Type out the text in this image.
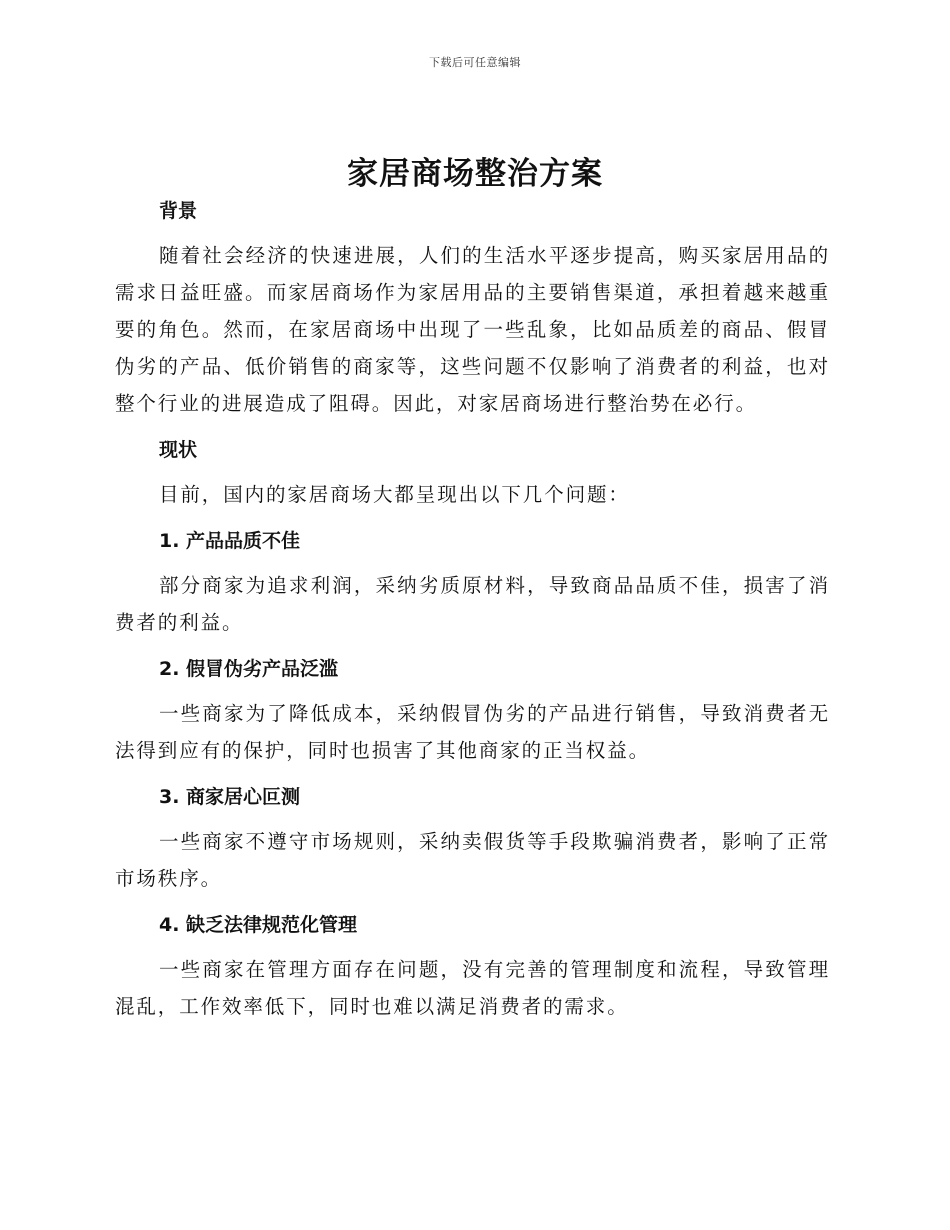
下载后可任意编辑
家居商场整治方案
背景

随着社会经济的快速进展，人们的生活水平逐步提高，购买家居用品的需求日益旺盛。而家居商场作为家居用品的主要销售渠道，承担着越来越重要的角色。然而，在家居商场中出现了一些乱象，比如品质差的商品、假冒伪劣的产品、低价销售的商家等，这些问题不仅影响了消费者的利益，也对整个行业的进展造成了阻碍。因此，对家居商场进行整治势在必行。

现状

目前，国内的家居商场大都呈现出以下几个问题：

1. 产品品质不佳

部分商家为追求利润，采纳劣质原材料，导致商品品质不佳，损害了消费者的利益。

2. 假冒伪劣产品泛滥

一些商家为了降低成本，采纳假冒伪劣的产品进行销售，导致消费者无法得到应有的保护，同时也损害了其他商家的正当权益。

3. 商家居心叵测

一些商家不遵守市场规则，采纳卖假货等手段欺骗消费者，影响了正常市场秩序。

4. 缺乏法律规范化管理

一些商家在管理方面存在问题，没有完善的管理制度和流程，导致管理混乱，工作效率低下，同时也难以满足消费者的需求。
